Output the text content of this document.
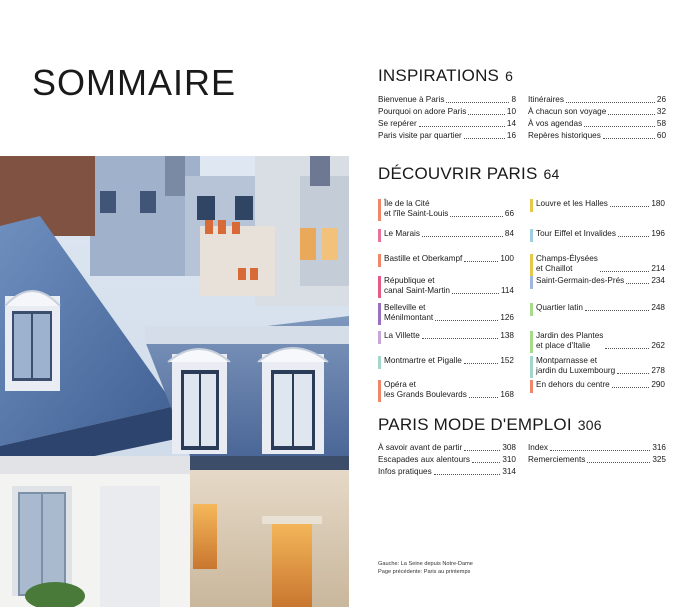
SOMMAIRE	INSPIRATIONS 6
Bienvenue à Paris	8
Pourquoi on adore Paris	10
Se repérer	14
Paris visite par quartier	16
Itinéraires	26
À chacun son voyage	32
À vos agendas	58
Repères historiques	60
DÉCOUVRIR PARIS 64
Île de la Cité
et l'île Saint-Louis	66
Le Marais	84
Bastille et Oberkampf	100
République et
canal Saint-Martin	114
Belleville et
Ménilmontant	126
La Villette	138
Montmartre et Pigalle	152
Opéra et
les Grands Boulevards	168
Louvre et les Halles	180
Tour Eiffel et Invalides	196
Champs-Élysées
et Chaillot	214
Saint-Germain-des-Prés	234
Quartier latin	248
Jardin des Plantes
et place d'Italie	262
Montparnasse et
jardin du Luxembourg	278
En dehors du centre	290
PARIS MODE D'EMPLOI 306
À savoir avant de partir	308
Escapades aux alentours	310
Infos pratiques	314
Index	316
Remerciements	325
Gauche: La Seine depuis Notre-Dame
Page précédente: Paris au printemps
